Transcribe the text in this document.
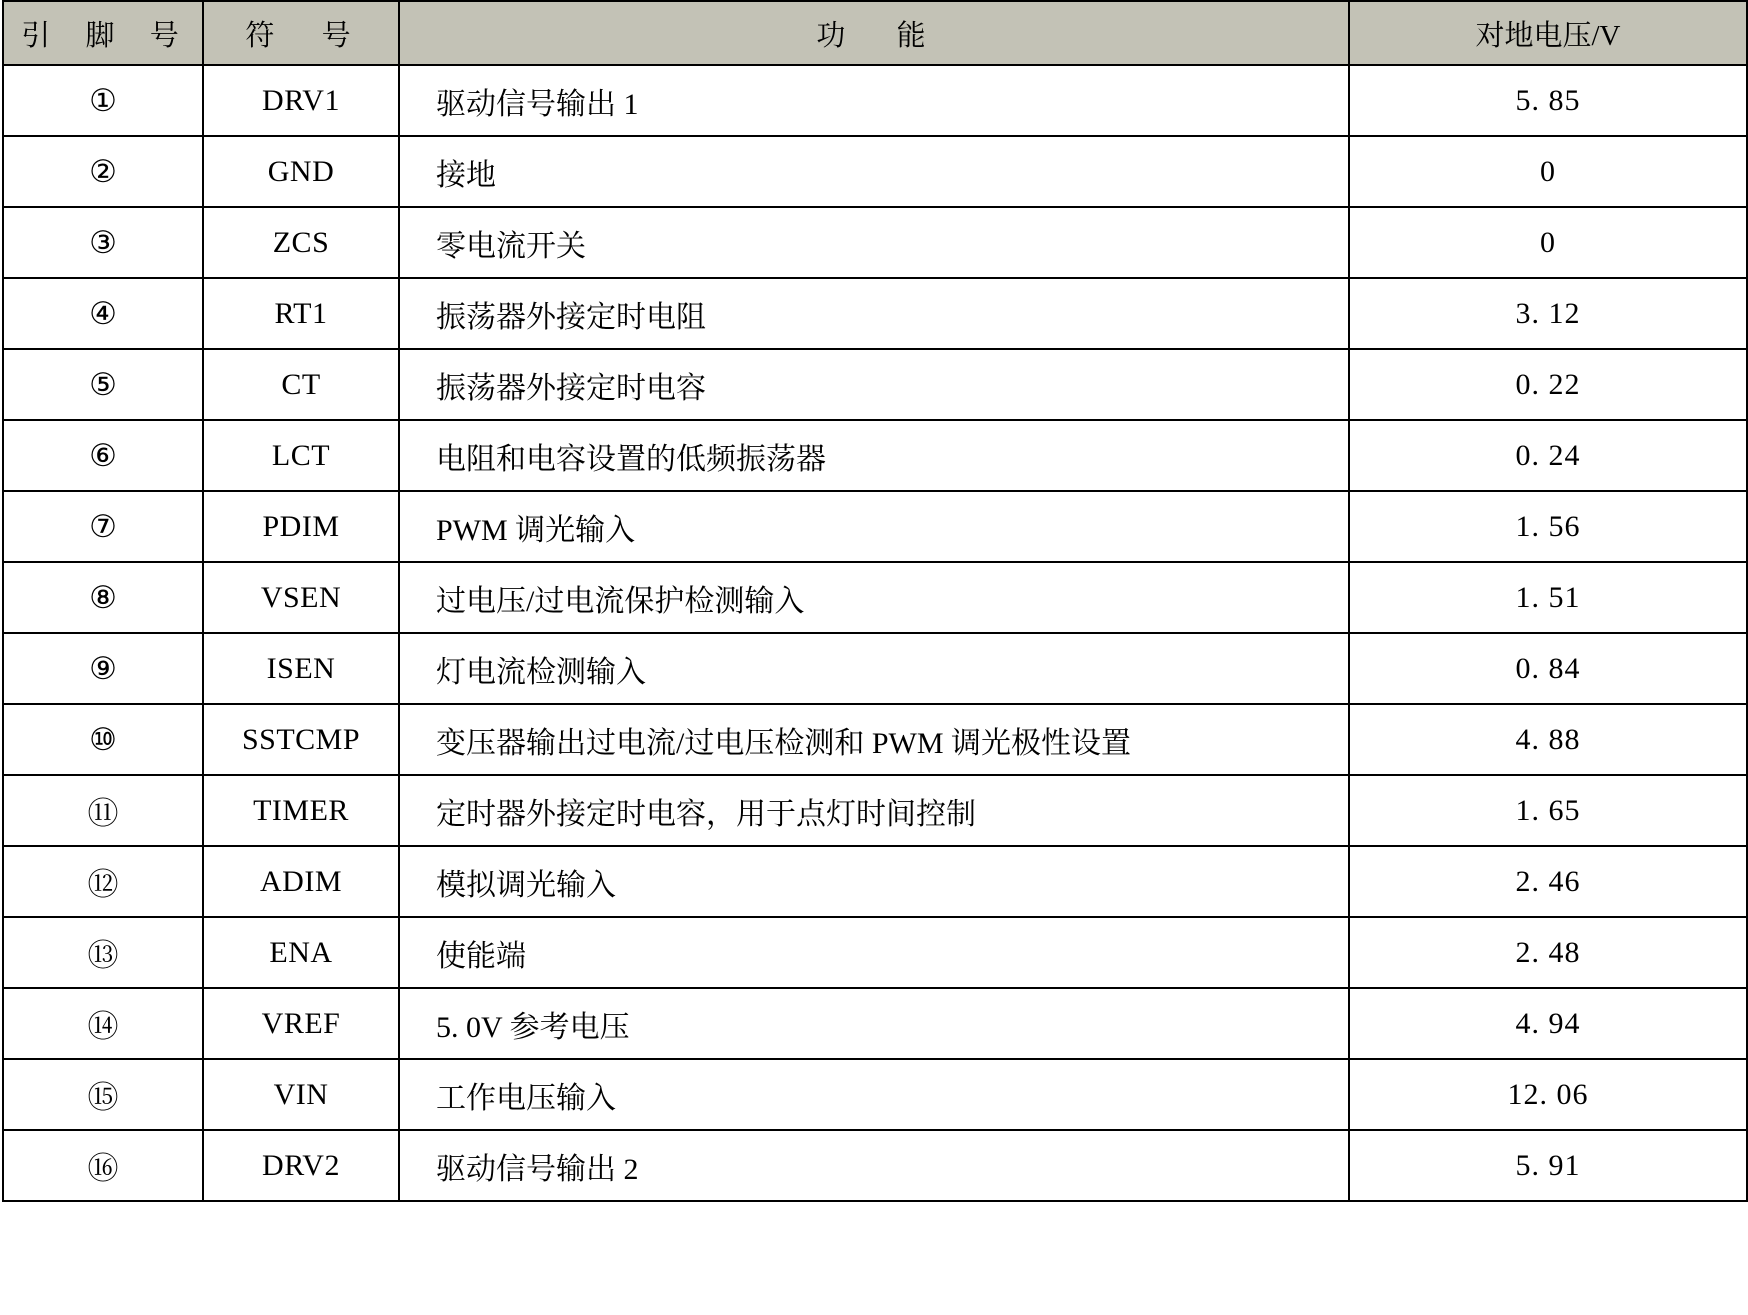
引 脚 号	符 号	功 能	对地电压/V
①	DRV1	驱动信号输出 1	5. 85
②	GND	接地	0
③	ZCS	零电流开关	0
④	RT1	振荡器外接定时电阻	3. 12
⑤	CT	振荡器外接定时电容	0. 22
⑥	LCT	电阻和电容设置的低频振荡器	0. 24
⑦	PDIM	PWM 调光输入	1. 56
⑧	VSEN	过电压/过电流保护检测输入	1. 51
⑨	ISEN	灯电流检测输入	0. 84
⑩	SSTCMP	变压器输出过电流/过电压检测和 PWM 调光极性设置	4. 88
⑪	TIMER	定时器外接定时电容，用于点灯时间控制	1. 65
⑫	ADIM	模拟调光输入	2. 46
⑬	ENA	使能端	2. 48
⑭	VREF	5. 0V 参考电压	4. 94
⑮	VIN	工作电压输入	12. 06
⑯	DRV2	驱动信号输出 2	5. 91
